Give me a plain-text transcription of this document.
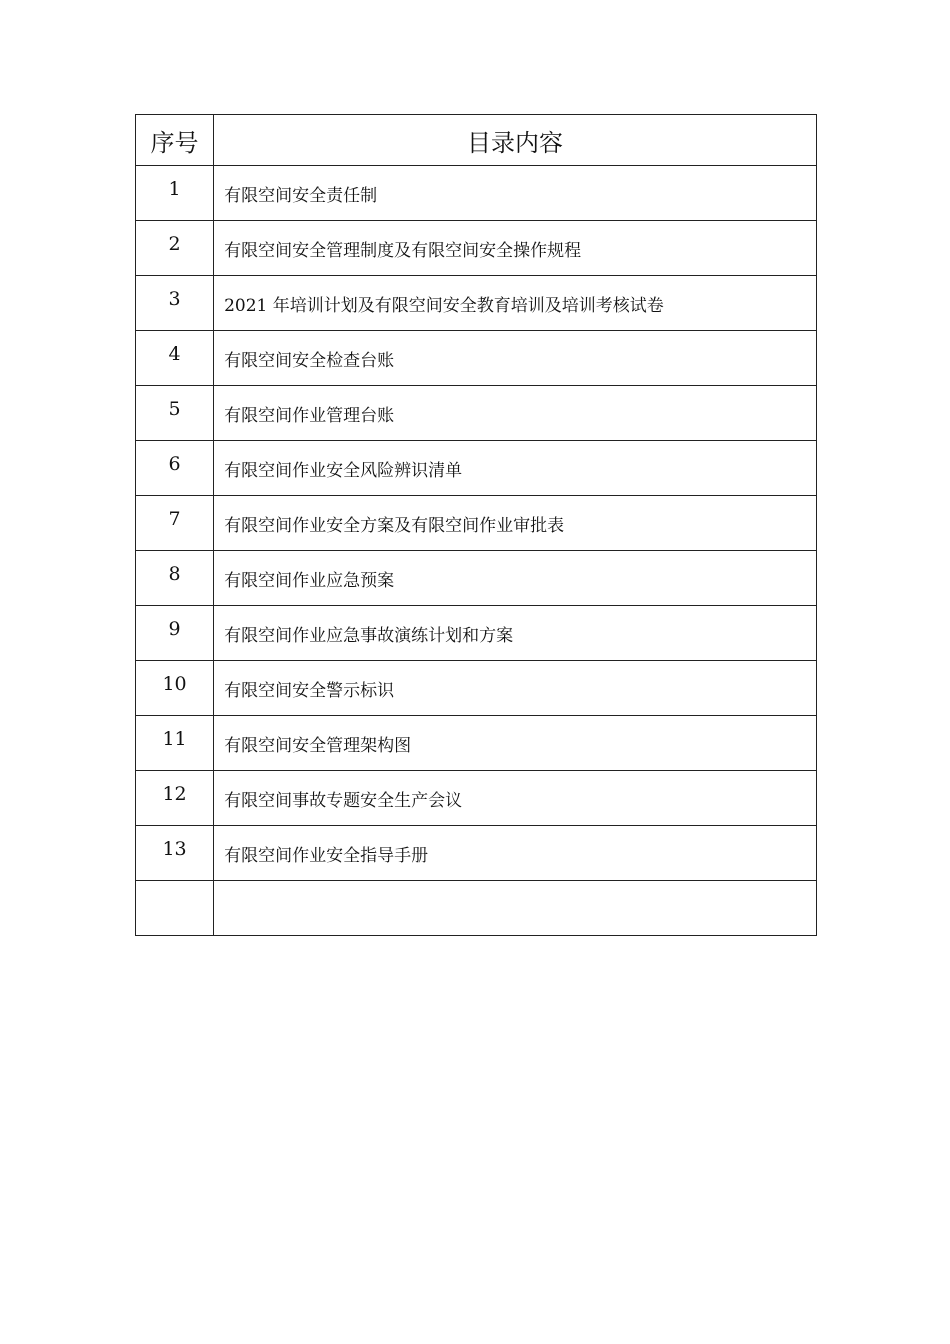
序号	目录内容
1	有限空间安全责任制
2	有限空间安全管理制度及有限空间安全操作规程
3	2021 年培训计划及有限空间安全教育培训及培训考核试卷
4	有限空间安全检查台账
5	有限空间作业管理台账
6	有限空间作业安全风险辨识清单
7	有限空间作业安全方案及有限空间作业审批表
8	有限空间作业应急预案
9	有限空间作业应急事故演练计划和方案
10	有限空间安全警示标识
11	有限空间安全管理架构图
12	有限空间事故专题安全生产会议
13	有限空间作业安全指导手册
